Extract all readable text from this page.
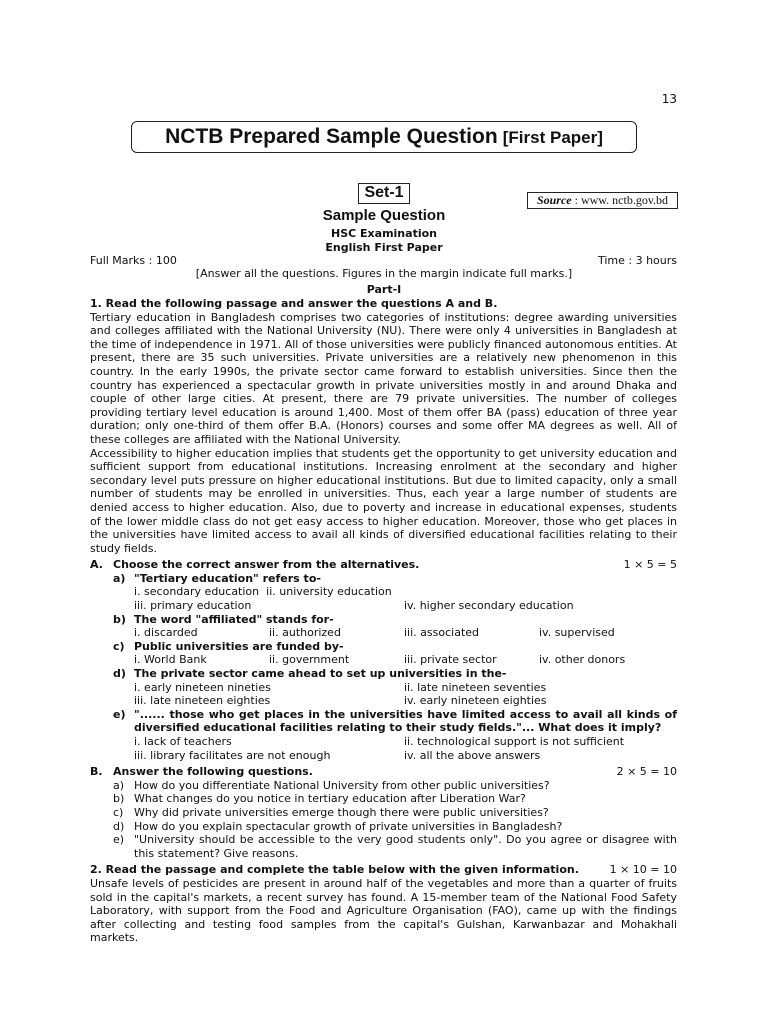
13
NCTB Prepared Sample Question [First Paper]
Set-1	Source : www. nctb.gov.bd
Sample Question
HSC Examination
English First Paper
Full Marks : 100	Time : 3 hours
[Answer all the questions. Figures in the margin indicate full marks.]
Part-I
1. Read the following passage and answer the questions A and B.
Tertiary education in Bangladesh comprises two categories of institutions: degree awarding universities and colleges affiliated with the National University (NU). There were only 4 universities in Bangladesh at the time of independence in 1971. All of those universities were publicly financed autonomous entities. At present, there are 35 such universities. Private universities are a relatively new phenomenon in this country. In the early 1990s, the private sector came forward to establish universities. Since then the country has experienced a spectacular growth in private universities mostly in and around Dhaka and couple of other large cities. At present, there are 79 private universities. The number of colleges providing tertiary level education is around 1,400. Most of them offer BA (pass) education of three year duration; only one-third of them offer B.A. (Honors) courses and some offer MA degrees as well. All of these colleges are affiliated with the National University.
Accessibility to higher education implies that students get the opportunity to get university education and sufficient support from educational institutions. Increasing enrolment at the secondary and higher secondary level puts pressure on higher educational institutions. But due to limited capacity, only a small number of students may be enrolled in universities. Thus, each year a large number of students are denied access to higher education. Also, due to poverty and increase in educational expenses, students of the lower middle class do not get easy access to higher education. Moreover, those who get places in the universities have limited access to avail all kinds of diversified educational facilities relating to their study fields.
A. Choose the correct answer from the alternatives.	1 × 5 = 5
a) "Tertiary education" refers to-
i. secondary education ii. university education
iii. primary education	iv. higher secondary education
b) The word "affiliated" stands for-
i. discarded	ii. authorized	iii. associated	iv. supervised
c) Public universities are funded by-
i. World Bank	ii. government	iii. private sector	iv. other donors
d) The private sector came ahead to set up universities in the-
i. early nineteen nineties	ii. late nineteen seventies
iii. late nineteen eighties	iv. early nineteen eighties
e) "...... those who get places in the universities have limited access to avail all kinds of diversified educational facilities relating to their study fields."... What does it imply?
i. lack of teachers	ii. technological support is not sufficient
iii. library facilitates are not enough	iv. all the above answers
B. Answer the following questions.	2 × 5 = 10
a) How do you differentiate National University from other public universities?
b) What changes do you notice in tertiary education after Liberation War?
c) Why did private universities emerge though there were public universities?
d) How do you explain spectacular growth of private universities in Bangladesh?
e) "University should be accessible to the very good students only". Do you agree or disagree with this statement? Give reasons.
2. Read the passage and complete the table below with the given information.	1 × 10 = 10
Unsafe levels of pesticides are present in around half of the vegetables and more than a quarter of fruits sold in the capital's markets, a recent survey has found. A 15-member team of the National Food Safety Laboratory, with support from the Food and Agriculture Organisation (FAO), came up with the findings after collecting and testing food samples from the capital's Gulshan, Karwanbazar and Mohakhali markets.
